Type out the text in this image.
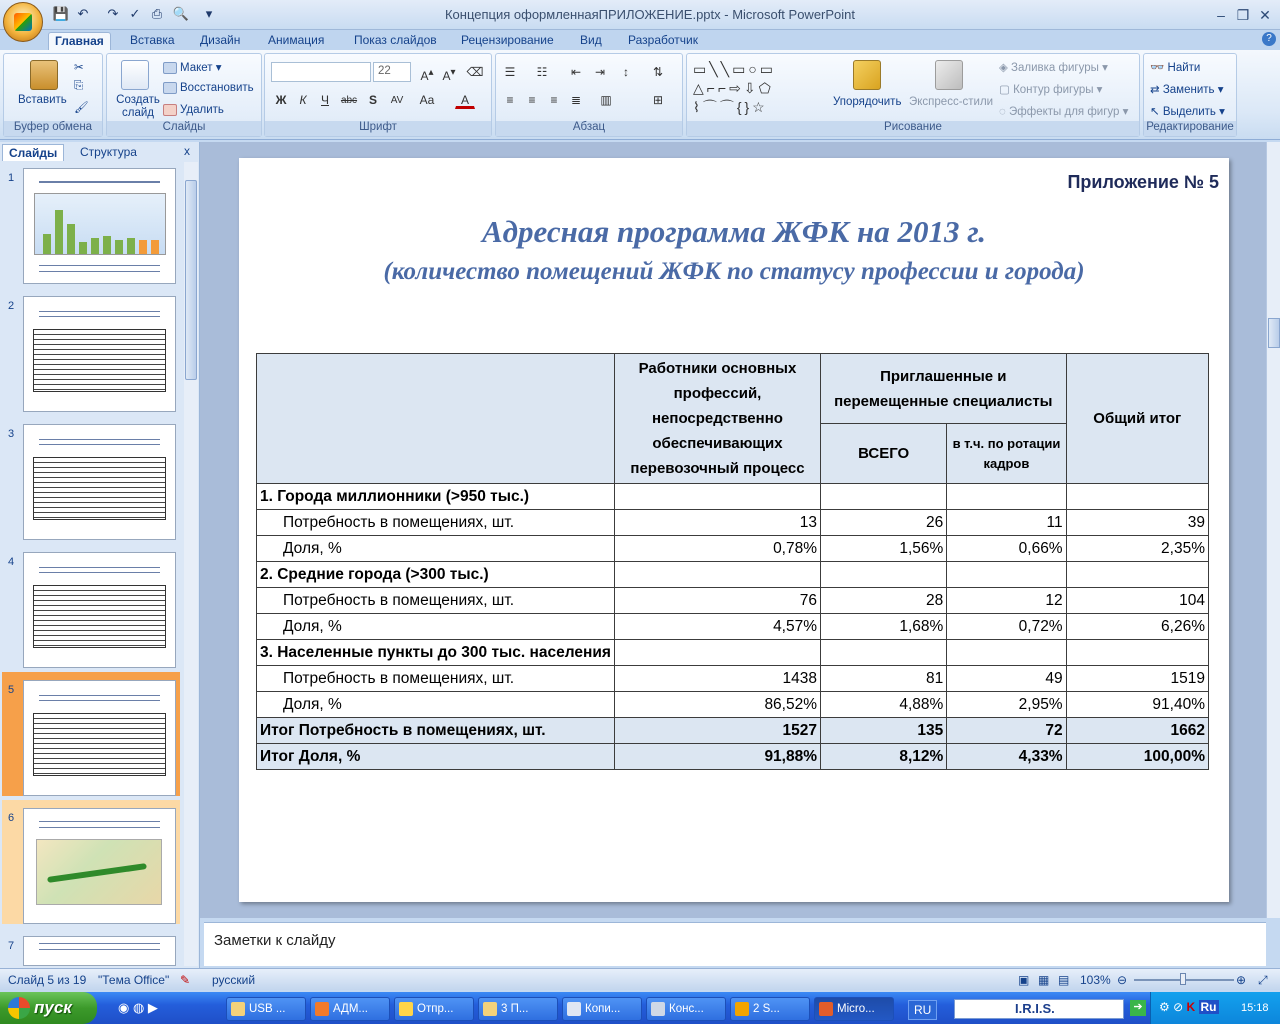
💾 ↶ ↷ ✓ ⎙ 🔍	▾	Концепция оформленнаяПРИЛОЖЕНИЕ.pptx - Microsoft PowerPoint	– ❐ ✕
Главная	Вставка	Дизайн	Анимация	Показ слайдов	Рецензирование	Вид	Разработчик	?
Вставить
✂
⎘
🖌
Буфер обмена
Создать слайд
Макет ▾
Восстановить
Удалить
Слайды
22	A▴ A▾ ⌫
Ж	К	Ч	abc S	AV	Aa	A
Шрифт
☰	☷	⇤	⇥	↕	⇅
≡	≡	≡	≣	▥	⊞
Абзац
▭╲╲▭○▭
△⌐⌐⇨⇩⬠
⌇⌒⌒{}☆	Упорядочить Экспресс-стили
◈ Заливка фигуры ▾
▢ Контур фигуры ▾
◌ Эффекты для фигур ▾
Рисование
👓 Найти
⇄ Заменить ▾
↖ Выделить ▾
Редактирование
Слайды	Структура	x
1
2
3
4
5
6
7
Приложение № 5
Адресная программа ЖФК на 2013 г.
(количество помещений ЖФК по статусу профессии и города)
	Работники основных профессий, непосредственно обеспечивающих перевозочный процесс	Приглашенные и перемещенные специалисты		Общий итог
		ВСЕГО	в т.ч. по ротации кадров	
1. Города миллионники (>950 тыс.)				
Потребность в помещениях, шт.	13	26	11	39
Доля, %	0,78%	1,56%	0,66%	2,35%
2. Средние города (>300 тыс.)				
Потребность в помещениях, шт.	76	28	12	104
Доля, %	4,57%	1,68%	0,72%	6,26%
3. Населенные пункты до 300 тыс. населения				
Потребность в помещениях, шт.	1438	81	49	1519
Доля, %	86,52%	4,88%	2,95%	91,40%
Итог Потребность в помещениях, шт.	1527	135	72	1662
Итог Доля, %	91,88%	8,12%	4,33%	100,00%
Заметки к слайду
Слайд 5 из 19 "Тема Office" ✎ русский	▣ ▦ ▤ 103% ⊖	⊕ ⤢
пуск	◉ ◍ ▶	USB ...	АДМ...	Отпр...	3 П...	Копи...	Конс...	2 S...	Micro...	RU	I.R.I.S.	➔ ⚙ ⊘ K Ru 15:18
